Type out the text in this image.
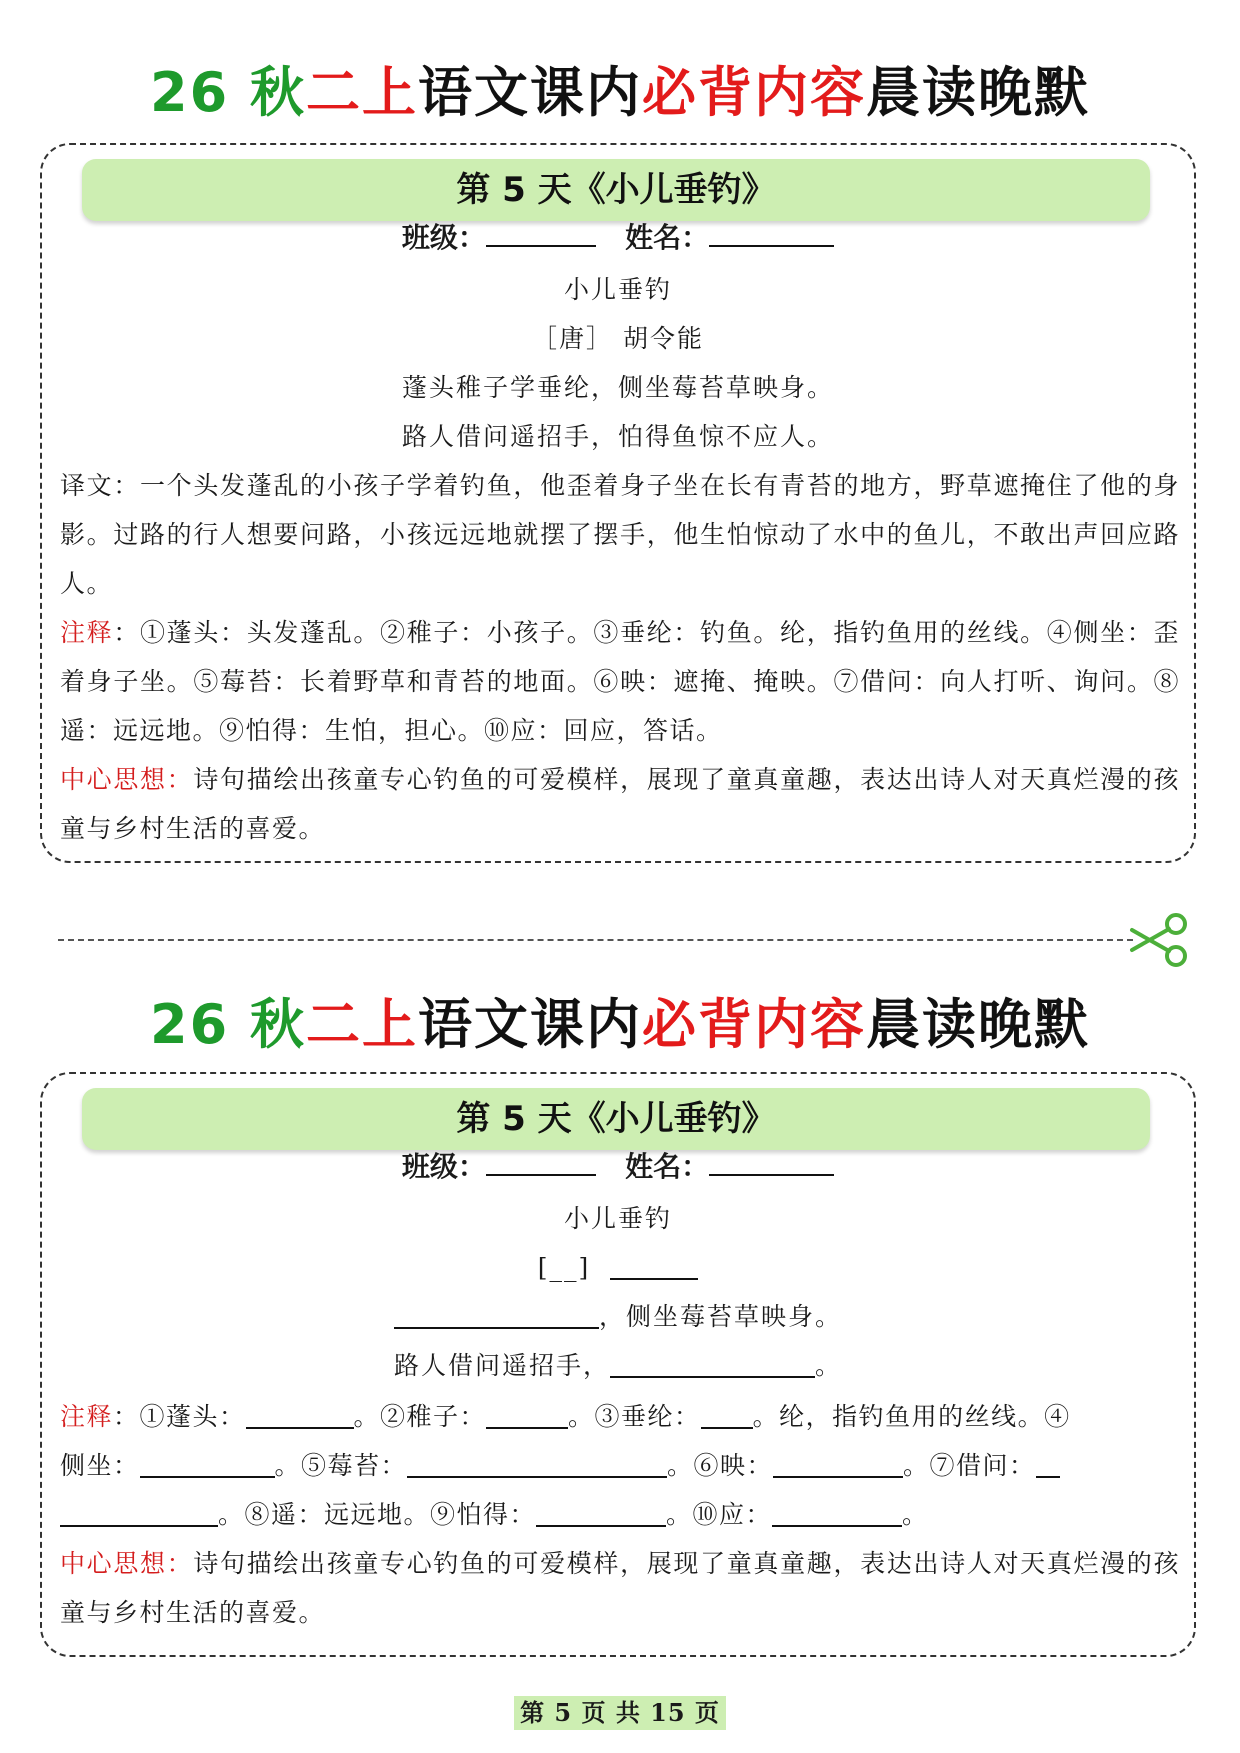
26 秋二上语文课内必背内容晨读晚默
第 5 天《小儿垂钓》
班级：	姓名：
小儿垂钓
［唐］ 胡令能
蓬头稚子学垂纶，侧坐莓苔草映身。
路人借问遥招手，怕得鱼惊不应人。
译文：一个头发蓬乱的小孩子学着钓鱼，他歪着身子坐在长有青苔的地方，野草遮掩住了他的身影。过路的行人想要问路，小孩远远地就摆了摆手，他生怕惊动了水中的鱼儿，不敢出声回应路人。
注释：①蓬头：头发蓬乱。②稚子：小孩子。③垂纶：钓鱼。纶，指钓鱼用的丝线。④侧坐：歪着身子坐。⑤莓苔：长着野草和青苔的地面。⑥映：遮掩、掩映。⑦借问：向人打听、询问。⑧遥：远远地。⑨怕得：生怕，担心。⑩应：回应，答话。
中心思想：诗句描绘出孩童专心钓鱼的可爱模样，展现了童真童趣，表达出诗人对天真烂漫的孩童与乡村生活的喜爱。
26 秋二上语文课内必背内容晨读晚默
第 5 天《小儿垂钓》
班级：	姓名：
小儿垂钓
[__]
，侧坐莓苔草映身。
路人借问遥招手，	。
注释：①蓬头：	。②稚子：	。③垂纶： 。纶，指钓鱼用的丝线。④
侧坐：	。⑤莓苔：	。⑥映：	。⑦借问：
。⑧遥：远远地。⑨怕得：	。⑩应：	。
中心思想：诗句描绘出孩童专心钓鱼的可爱模样，展现了童真童趣，表达出诗人对天真烂漫的孩童与乡村生活的喜爱。
第 5 页 共 15 页
